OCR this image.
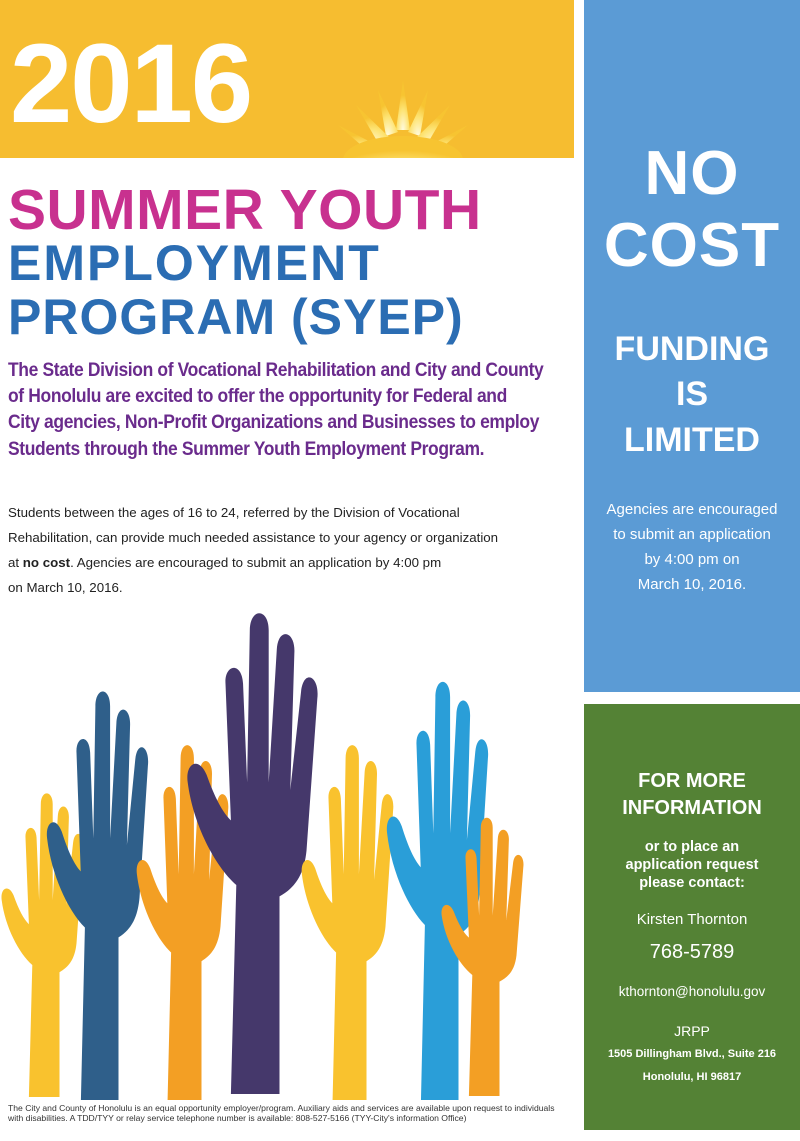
2016
SUMMER YOUTH
EMPLOYMENT
PROGRAM (SYEP)
The State Division of Vocational Rehabilitation and City and County
of Honolulu are excited to offer the opportunity for Federal and
City agencies, Non-Profit Organizations and Businesses to employ
Students through the Summer Youth Employment Program.
Students between the ages of 16 to 24, referred by the Division of Vocational
Rehabilitation, can provide much needed assistance to your agency or organization
at no cost. Agencies are encouraged to submit an application by 4:00 pm
on March 10, 2016.
The City and County of Honolulu is an equal opportunity employer/program. Auxiliary aids and services are available upon request to individuals with disabilities. A TDD/TYY or relay service telephone number is available: 808-527-5166 (TYY-City's information Office)
NO
COST
FUNDING
IS
LIMITED
Agencies are encouraged
to submit an application
by 4:00 pm on
March 10, 2016.
FOR MORE
INFORMATION
or to place an
application request
please contact:
Kirsten Thornton
768-5789
kthornton@honolulu.gov
JRPP
1505 Dillingham Blvd., Suite 216
Honolulu, HI 96817
